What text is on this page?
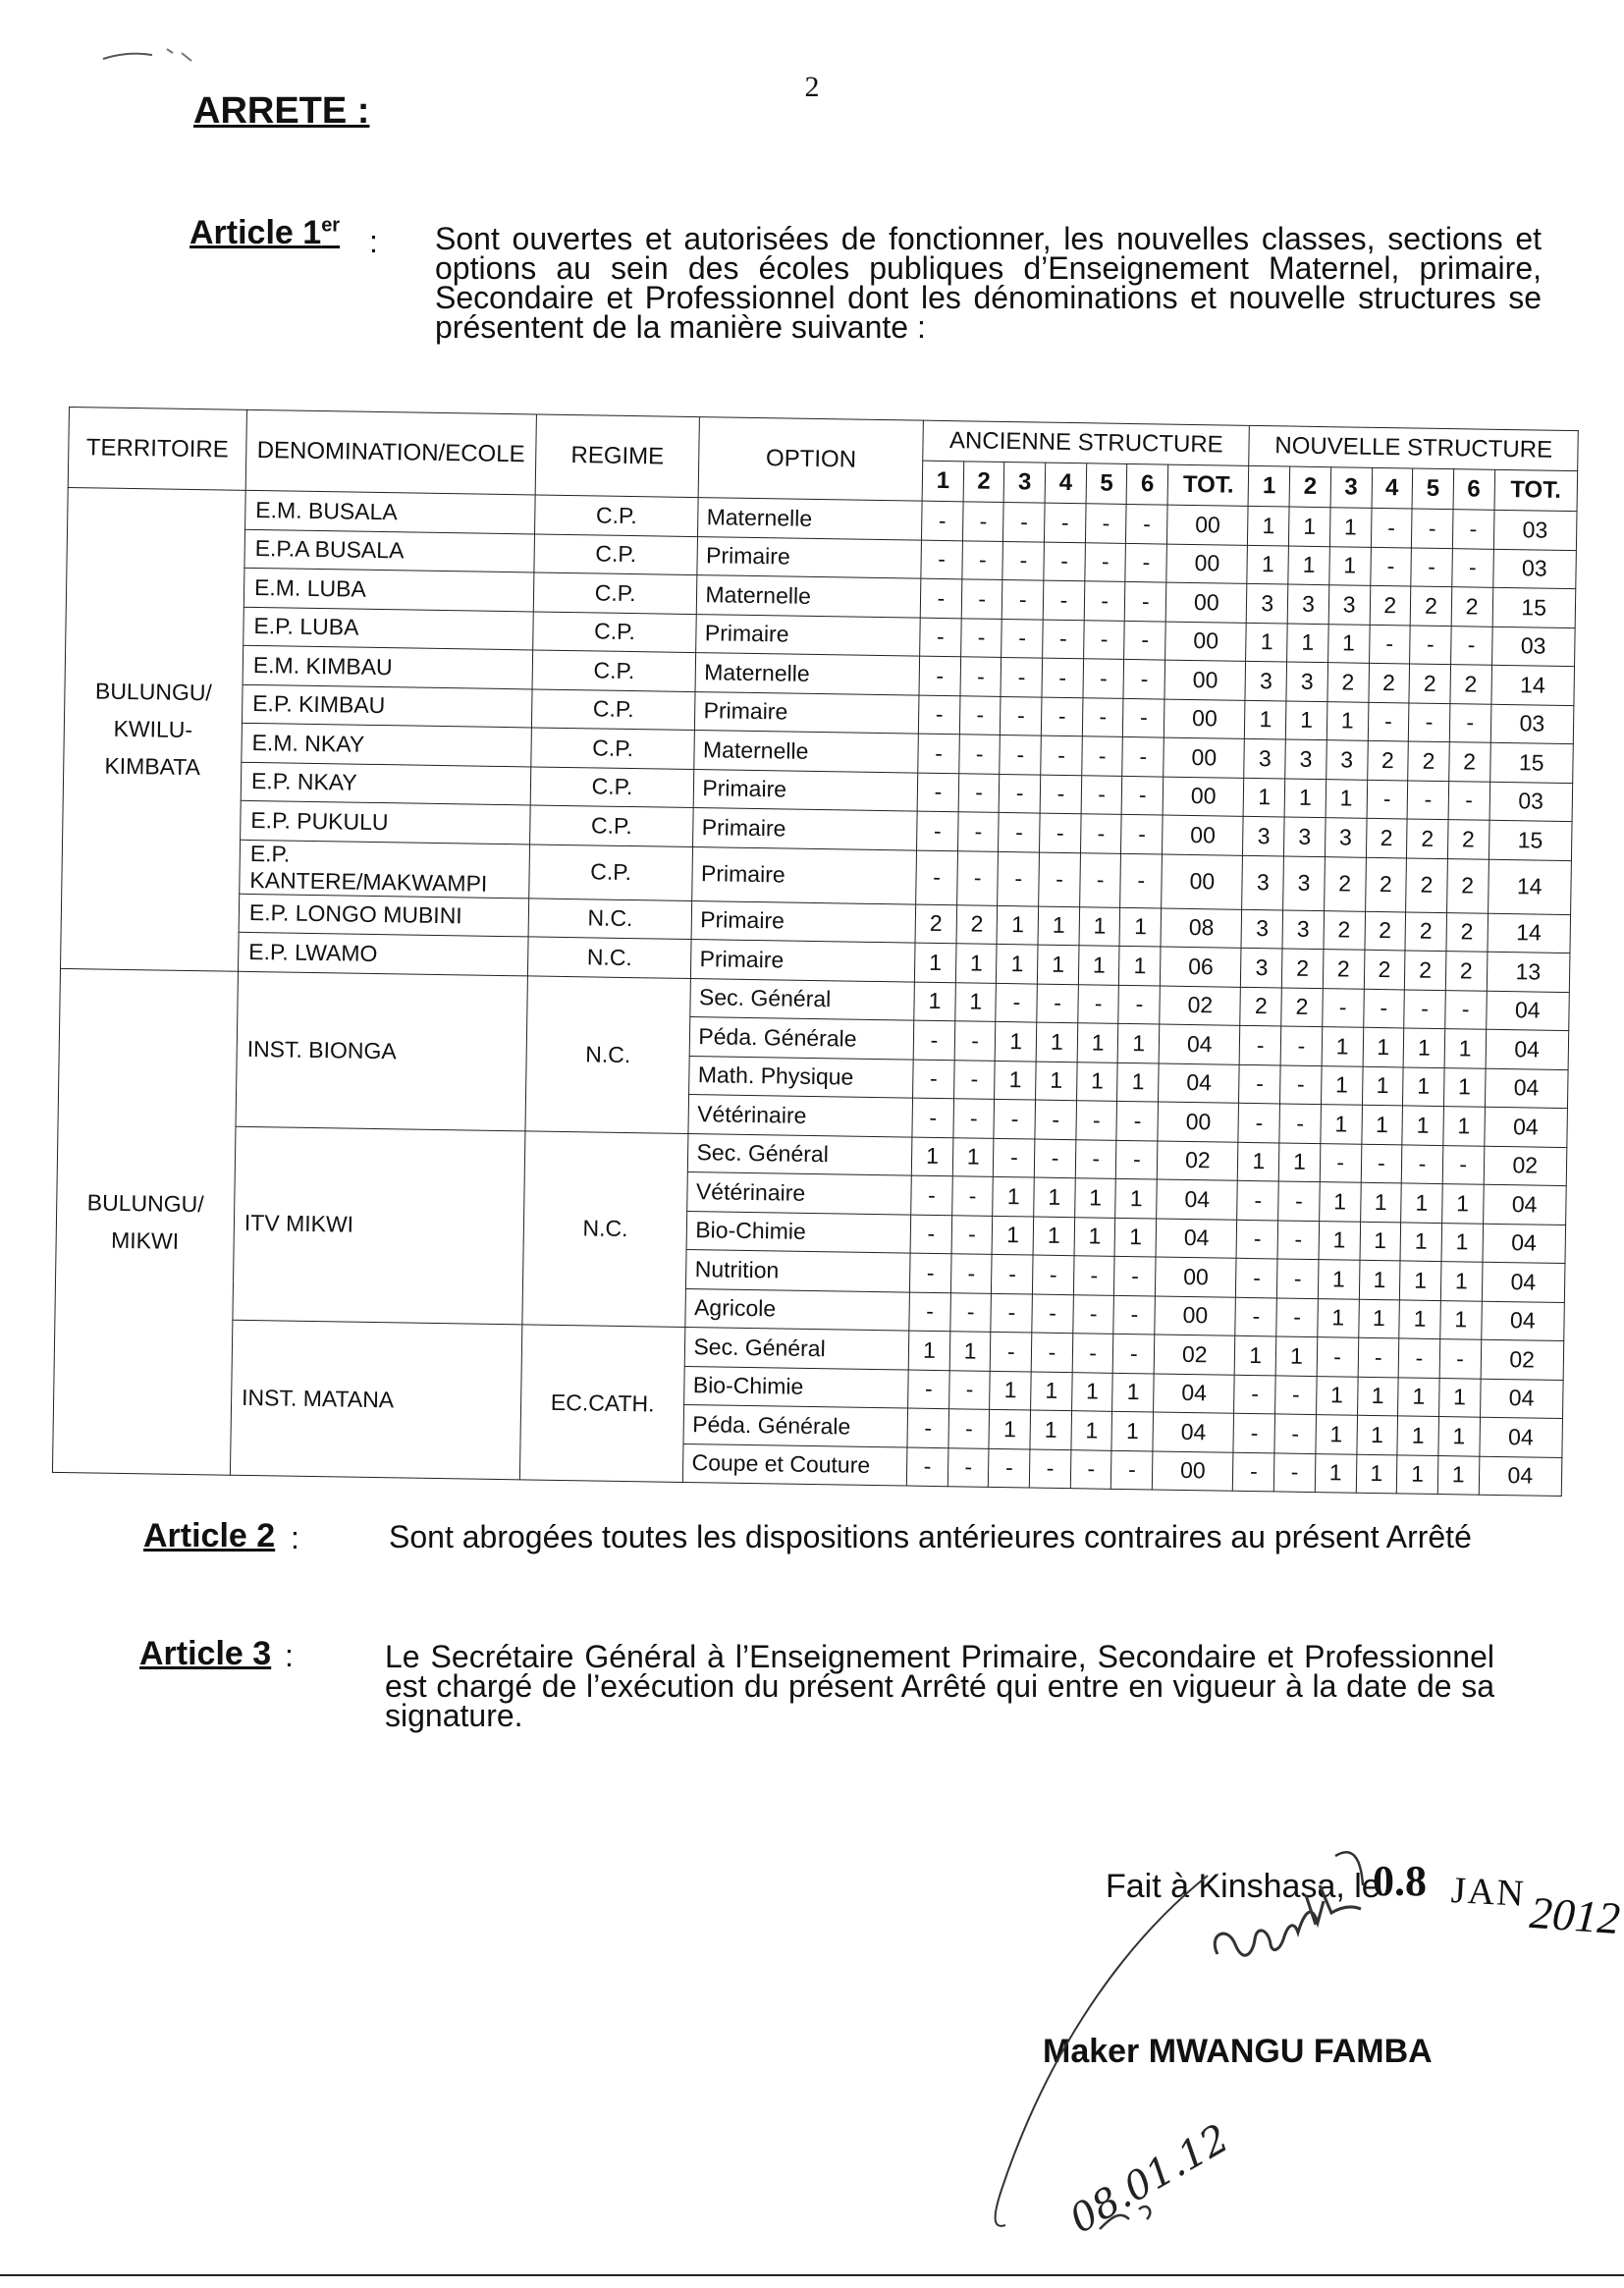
2
ARRETE :
Article 1er : Sont ouvertes et autorisées de fonctionner, les nouvelles classes, sections et options au sein des écoles publiques d’Enseignement Maternel, primaire, Secondaire et Professionnel dont les dénominations et nouvelle structures se présentent de la manière suivante :
TERRITOIRE	DENOMINATION/ECOLE	REGIME	OPTION	ANCIENNE STRUCTURE							NOUVELLE STRUCTURE						
				1	2	3	4	5	6	TOT.	1	2	3	4	5	6	TOT.
BULUNGU/ KWILU- KIMBATA	E.M. BUSALA	C.P.	Maternelle	-	-	-	-	-	-	00	1	1	1	-	-	-	03
	E.P.A BUSALA	C.P.	Primaire	-	-	-	-	-	-	00	1	1	1	-	-	-	03
	E.M. LUBA	C.P.	Maternelle	-	-	-	-	-	-	00	3	3	3	2	2	2	15
	E.P. LUBA	C.P.	Primaire	-	-	-	-	-	-	00	1	1	1	-	-	-	03
	E.M. KIMBAU	C.P.	Maternelle	-	-	-	-	-	-	00	3	3	2	2	2	2	14
	E.P. KIMBAU	C.P.	Primaire	-	-	-	-	-	-	00	1	1	1	-	-	-	03
	E.M. NKAY	C.P.	Maternelle	-	-	-	-	-	-	00	3	3	3	2	2	2	15
	E.P. NKAY	C.P.	Primaire	-	-	-	-	-	-	00	1	1	1	-	-	-	03
	E.P. PUKULU	C.P.	Primaire	-	-	-	-	-	-	00	3	3	3	2	2	2	15
	E.P. KANTERE/MAKWAMPI	C.P.	Primaire	-	-	-	-	-	-	00	3	3	2	2	2	2	14
	E.P. LONGO MUBINI	N.C.	Primaire	2	2	1	1	1	1	08	3	3	2	2	2	2	14
	E.P. LWAMO	N.C.	Primaire	1	1	1	1	1	1	06	3	2	2	2	2	2	13
BULUNGU/ MIKWI	INST. BIONGA	N.C.	Sec. Général	1	1	-	-	-	-	02	2	2	-	-	-	-	04
			Péda. Générale	-	-	1	1	1	1	04	-	-	1	1	1	1	04
			Math. Physique	-	-	1	1	1	1	04	-	-	1	1	1	1	04
			Vétérinaire	-	-	-	-	-	-	00	-	-	1	1	1	1	04
	ITV MIKWI	N.C.	Sec. Général	1	1	-	-	-	-	02	1	1	-	-	-	-	02
			Vétérinaire	-	-	1	1	1	1	04	-	-	1	1	1	1	04
			Bio-Chimie	-	-	1	1	1	1	04	-	-	1	1	1	1	04
			Nutrition	-	-	-	-	-	-	00	-	-	1	1	1	1	04
			Agricole	-	-	-	-	-	-	00	-	-	1	1	1	1	04
	INST. MATANA	EC.CATH.	Sec. Général	1	1	-	-	-	-	02	1	1	-	-	-	-	02
			Bio-Chimie	-	-	1	1	1	1	04	-	-	1	1	1	1	04
			Péda. Générale	-	-	1	1	1	1	04	-	-	1	1	1	1	04
			Coupe et Couture	-	-	-	-	-	-	00	-	-	1	1	1	1	04
Article 2 :	Sont abrogées toutes les dispositions antérieures contraires au présent Arrêté
Article 3 :	Le Secrétaire Général à l’Enseignement Primaire, Secondaire et Professionnel est chargé de l’exécution du présent Arrêté qui entre en vigueur à la date de sa signature.
Fait à Kinshasa, le
0.8 JAN 2012
Maker MWANGU FAMBA
08.01.12
